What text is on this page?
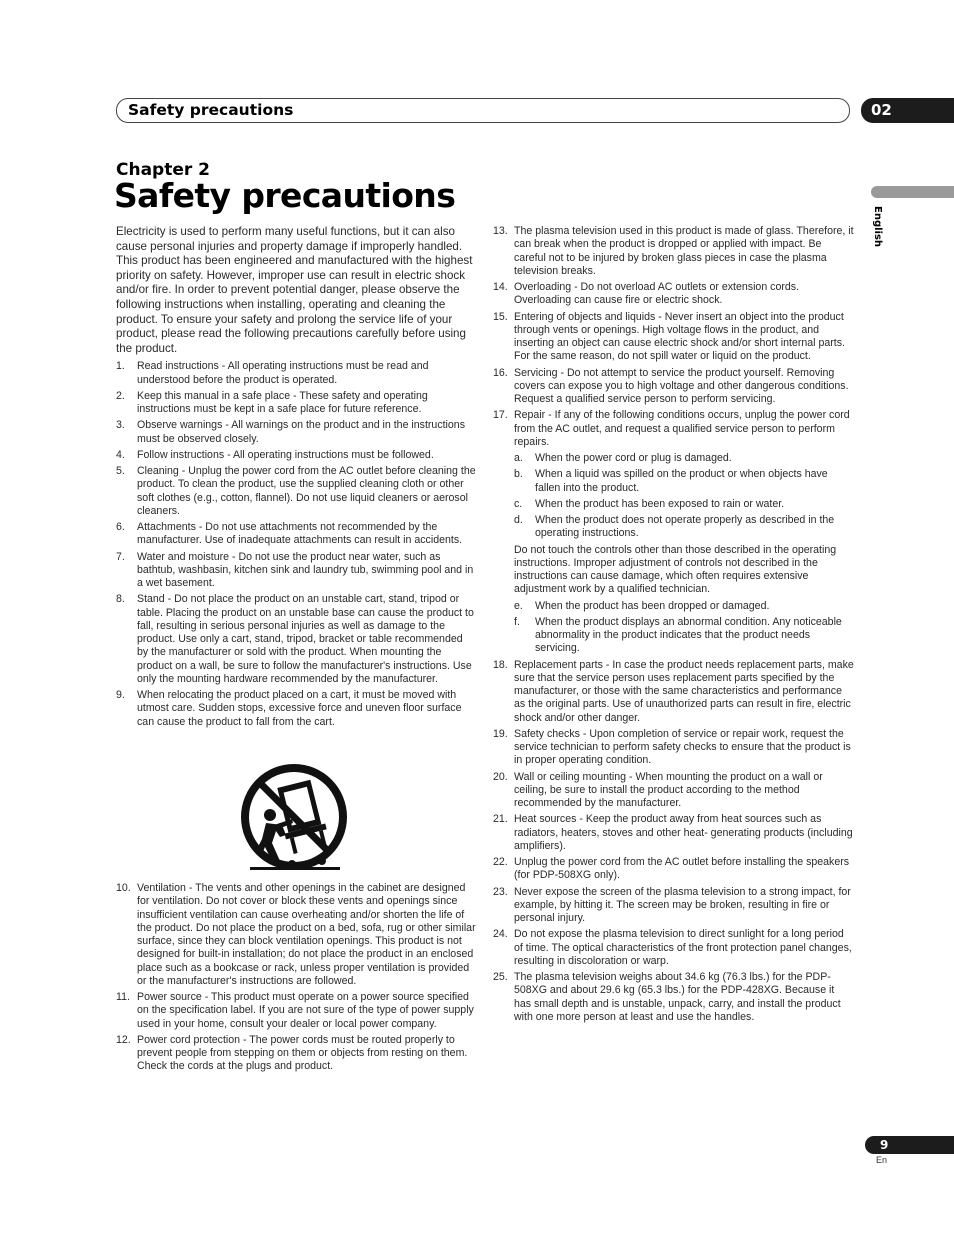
Safety precautions	02
English
Chapter 2
Safety precautions

Electricity is used to perform many useful functions, but it can also cause personal injuries and property damage if improperly handled. This product has been engineered and manufactured with the highest priority on safety. However, improper use can result in electric shock and/or fire. In order to prevent potential danger, please observe the following instructions when installing, operating and cleaning the product. To ensure your safety and prolong the service life of your product, please read the following precautions carefully before using the product.

1. Read instructions - All operating instructions must be read and understood before the product is operated.
2. Keep this manual in a safe place - These safety and operating instructions must be kept in a safe place for future reference.
3. Observe warnings - All warnings on the product and in the instructions must be observed closely.
4. Follow instructions - All operating instructions must be followed.
5. Cleaning - Unplug the power cord from the AC outlet before cleaning the product. To clean the product, use the supplied cleaning cloth or other soft clothes (e.g., cotton, flannel). Do not use liquid cleaners or aerosol cleaners.
6. Attachments - Do not use attachments not recommended by the manufacturer. Use of inadequate attachments can result in accidents.
7. Water and moisture - Do not use the product near water, such as bathtub, washbasin, kitchen sink and laundry tub, swimming pool and in a wet basement.
8. Stand - Do not place the product on an unstable cart, stand, tripod or table. Placing the product on an unstable base can cause the product to fall, resulting in serious personal injuries as well as damage to the product. Use only a cart, stand, tripod, bracket or table recommended by the manufacturer or sold with the product. When mounting the product on a wall, be sure to follow the manufacturer's instructions. Use only the mounting hardware recommended by the manufacturer.
9. When relocating the product placed on a cart, it must be moved with utmost care. Sudden stops, excessive force and uneven floor surface can cause the product to fall from the cart.
10. Ventilation - The vents and other openings in the cabinet are designed for ventilation. Do not cover or block these vents and openings since insufficient ventilation can cause overheating and/or shorten the life of the product. Do not place the product on a bed, sofa, rug or other similar surface, since they can block ventilation openings. This product is not designed for built-in installation; do not place the product in an enclosed place such as a bookcase or rack, unless proper ventilation is provided or the manufacturer's instructions are followed.
11. Power source - This product must operate on a power source specified on the specification label. If you are not sure of the type of power supply used in your home, consult your dealer or local power company.
12. Power cord protection - The power cords must be routed properly to prevent people from stepping on them or objects from resting on them. Check the cords at the plugs and product.
13. The plasma television used in this product is made of glass. Therefore, it can break when the product is dropped or applied with impact. Be careful not to be injured by broken glass pieces in case the plasma television breaks.
14. Overloading - Do not overload AC outlets or extension cords. Overloading can cause fire or electric shock.
15. Entering of objects and liquids - Never insert an object into the product through vents or openings. High voltage flows in the product, and inserting an object can cause electric shock and/or short internal parts. For the same reason, do not spill water or liquid on the product.
16. Servicing - Do not attempt to service the product yourself. Removing covers can expose you to high voltage and other dangerous conditions. Request a qualified service person to perform servicing.
17. Repair - If any of the following conditions occurs, unplug the power cord from the AC outlet, and request a qualified service person to perform repairs.
a. When the power cord or plug is damaged.
b. When a liquid was spilled on the product or when objects have fallen into the product.
c. When the product has been exposed to rain or water.
d. When the product does not operate properly as described in the operating instructions.

Do not touch the controls other than those described in the operating instructions. Improper adjustment of controls not described in the instructions can cause damage, which often requires extensive adjustment work by a qualified technician.

e. When the product has been dropped or damaged.
f. When the product displays an abnormal condition. Any noticeable abnormality in the product indicates that the product needs servicing.
18. Replacement parts - In case the product needs replacement parts, make sure that the service person uses replacement parts specified by the manufacturer, or those with the same characteristics and performance as the original parts. Use of unauthorized parts can result in fire, electric shock and/or other danger.
19. Safety checks - Upon completion of service or repair work, request the service technician to perform safety checks to ensure that the product is in proper operating condition.
20. Wall or ceiling mounting - When mounting the product on a wall or ceiling, be sure to install the product according to the method recommended by the manufacturer.
21. Heat sources - Keep the product away from heat sources such as radiators, heaters, stoves and other heat- generating products (including amplifiers).
22. Unplug the power cord from the AC outlet before installing the speakers (for PDP-508XG only).
23. Never expose the screen of the plasma television to a strong impact, for example, by hitting it. The screen may be broken, resulting in fire or personal injury.
24. Do not expose the plasma television to direct sunlight for a long period of time. The optical characteristics of the front protection panel changes, resulting in discoloration or warp.
25. The plasma television weighs about 34.6 kg (76.3 lbs.) for the PDP-508XG and about 29.6 kg (65.3 lbs.) for the PDP-428XG. Because it has small depth and is unstable, unpack, carry, and install the product with one more person at least and use the handles.
9
En
